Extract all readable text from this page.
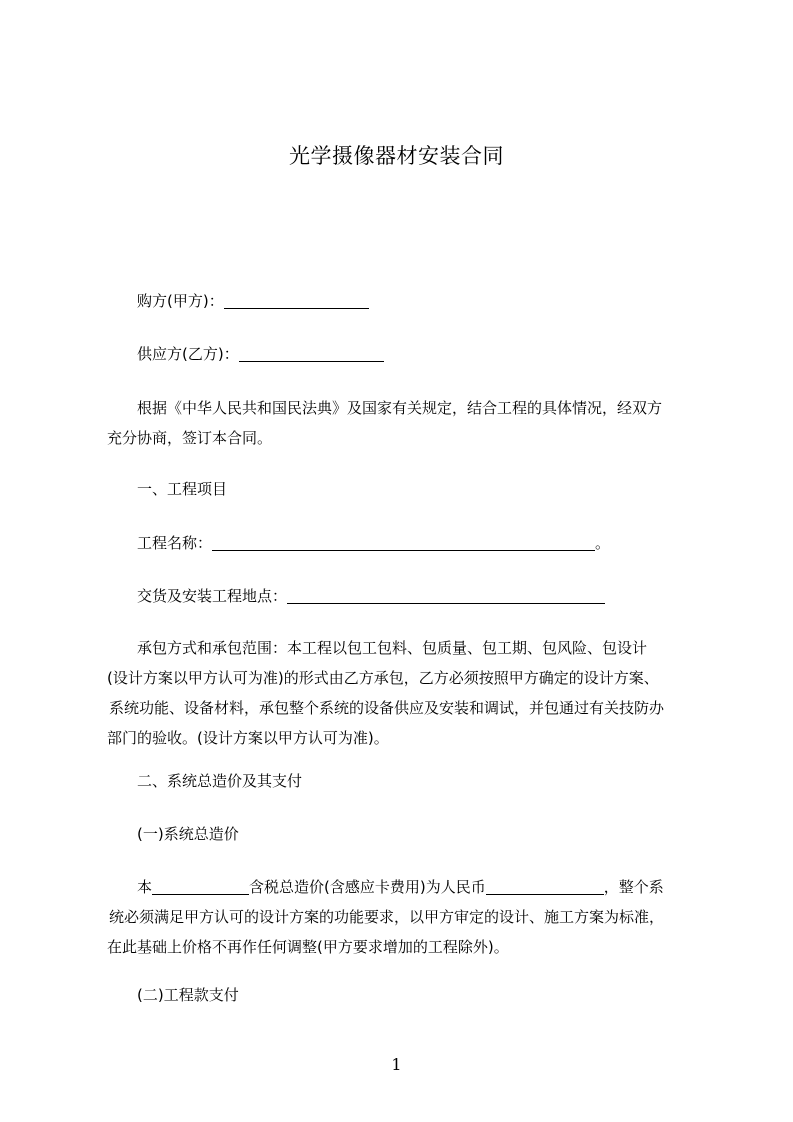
光学摄像器材安装合同
购方(甲方)：
供应方(乙方)：

根据《中华人民共和国民法典》及国家有关规定，结合工程的具体情况，经双方

充分协商，签订本合同。

一、工程项目
工程名称：	。
交货及安装工程地点：

承包方式和承包范围：本工程以包工包料、包质量、包工期、包风险、包设计

(设计方案以甲方认可为准)的形式由乙方承包，乙方必须按照甲方确定的设计方案、

系统功能、设备材料，承包整个系统的设备供应及安装和调试，并包通过有关技防办

部门的验收。(设计方案以甲方认可为准)。

二、系统总造价及其支付
(一)系统总造价

本	含税总造价(含感应卡费用)为人民币	，整个系

统必须满足甲方认可的设计方案的功能要求，以甲方审定的设计、施工方案为标准，

在此基础上价格不再作任何调整(甲方要求增加的工程除外)。

(二)工程款支付
1
